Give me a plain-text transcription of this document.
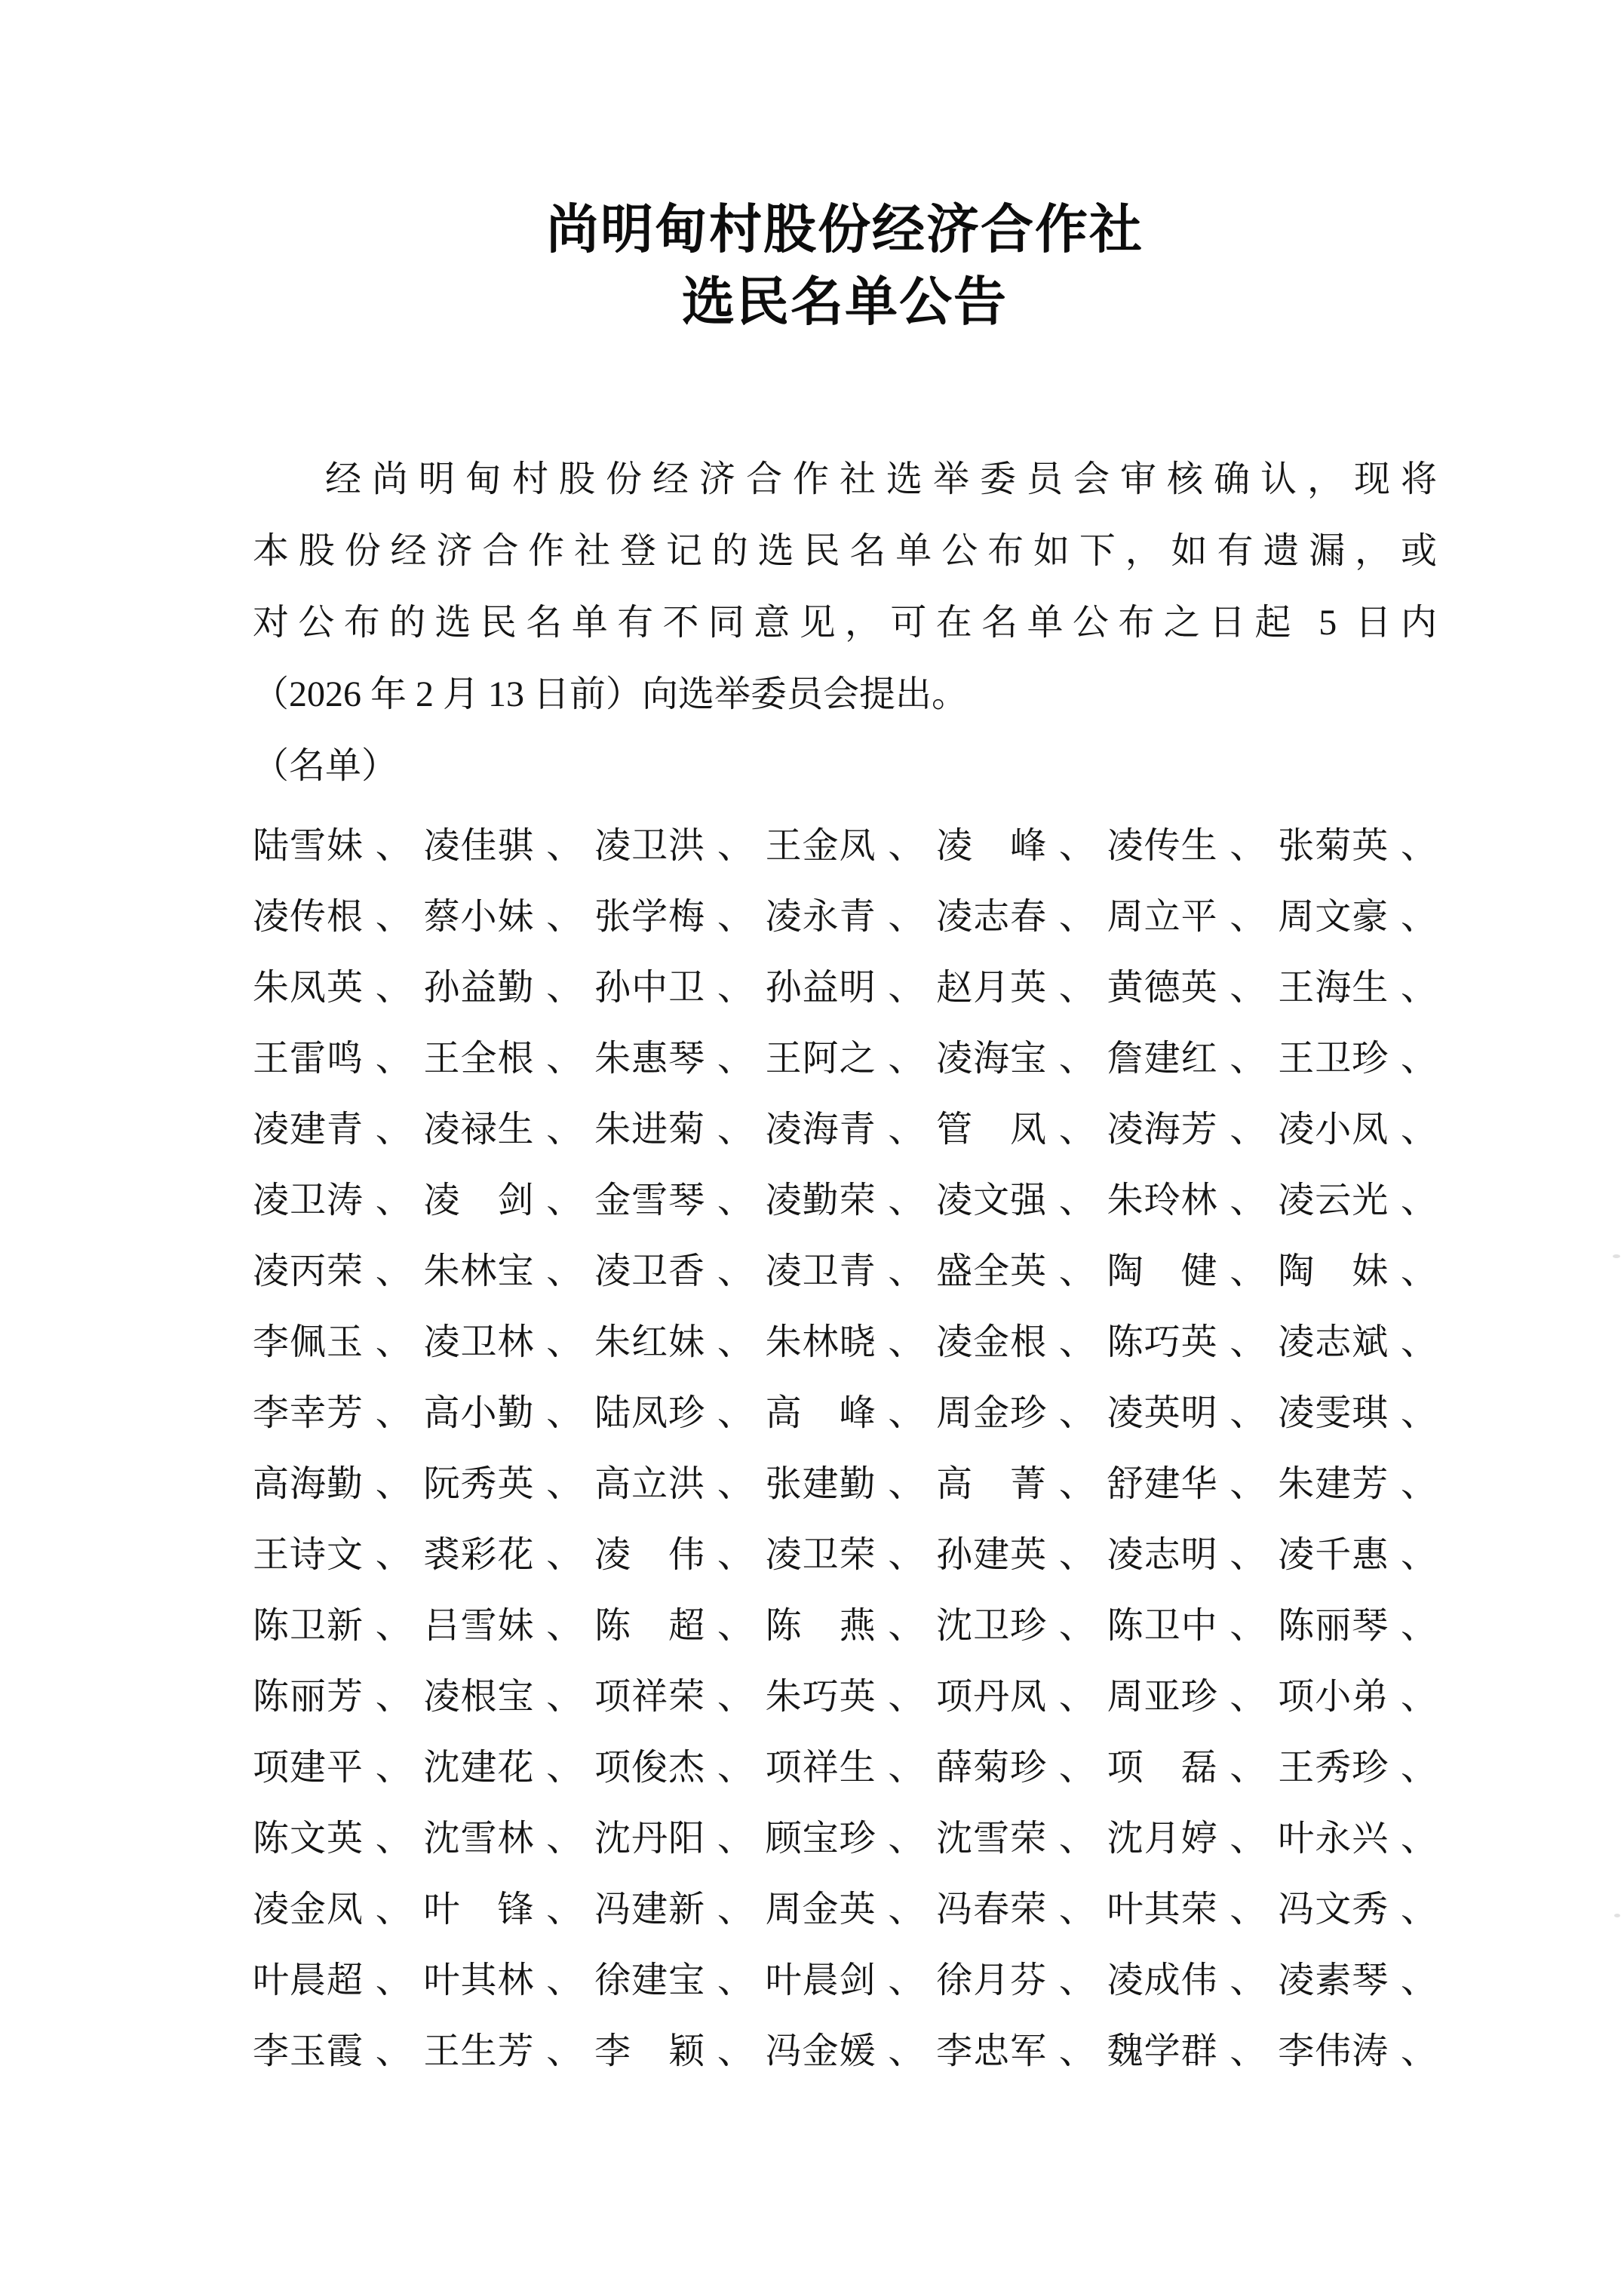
尚明甸村股份经济合作社
选民名单公告
经尚明甸村股份经济合作社选举委员会审核确认，现将
本股份经济合作社登记的选民名单公布如下，如有遗漏，或
对公布的选民名单有不同意见，可在名单公布之日起 5 日内
（2026 年 2 月 13 日前）向选举委员会提出。
（名单）
陆雪妹 、 凌佳骐 、 凌卫洪 、 王金凤 、 凌　峰 、 凌传生 、 张菊英 、
凌传根 、 蔡小妹 、 张学梅 、 凌永青 、 凌志春 、 周立平 、 周文豪 、
朱凤英 、 孙益勤 、 孙中卫 、 孙益明 、 赵月英 、 黄德英 、 王海生 、
王雷鸣 、 王全根 、 朱惠琴 、 王阿之 、 凌海宝 、 詹建红 、 王卫珍 、
凌建青 、 凌禄生 、 朱进菊 、 凌海青 、 管　凤 、 凌海芳 、 凌小凤 、
凌卫涛 、 凌　剑 、 金雪琴 、 凌勤荣 、 凌文强 、 朱玲林 、 凌云光 、
凌丙荣 、 朱林宝 、 凌卫香 、 凌卫青 、 盛全英 、 陶　健 、 陶　妹 、
李佩玉 、 凌卫林 、 朱红妹 、 朱林晓 、 凌金根 、 陈巧英 、 凌志斌 、
李幸芳 、 高小勤 、 陆凤珍 、 高　峰 、 周金珍 、 凌英明 、 凌雯琪 、
高海勤 、 阮秀英 、 高立洪 、 张建勤 、 高　菁 、 舒建华 、 朱建芳 、
王诗文 、 裘彩花 、 凌　伟 、 凌卫荣 、 孙建英 、 凌志明 、 凌千惠 、
陈卫新 、 吕雪妹 、 陈　超 、 陈　燕 、 沈卫珍 、 陈卫中 、 陈丽琴 、
陈丽芳 、 凌根宝 、 项祥荣 、 朱巧英 、 项丹凤 、 周亚珍 、 项小弟 、
项建平 、 沈建花 、 项俊杰 、 项祥生 、 薛菊珍 、 项　磊 、 王秀珍 、
陈文英 、 沈雪林 、 沈丹阳 、 顾宝珍 、 沈雪荣 、 沈月婷 、 叶永兴 、
凌金凤 、 叶　锋 、 冯建新 、 周金英 、 冯春荣 、 叶其荣 、 冯文秀 、
叶晨超 、 叶其林 、 徐建宝 、 叶晨剑 、 徐月芬 、 凌成伟 、 凌素琴 、
李玉霞 、 王生芳 、 李　颖 、 冯金媛 、 李忠军 、 魏学群 、 李伟涛 、
